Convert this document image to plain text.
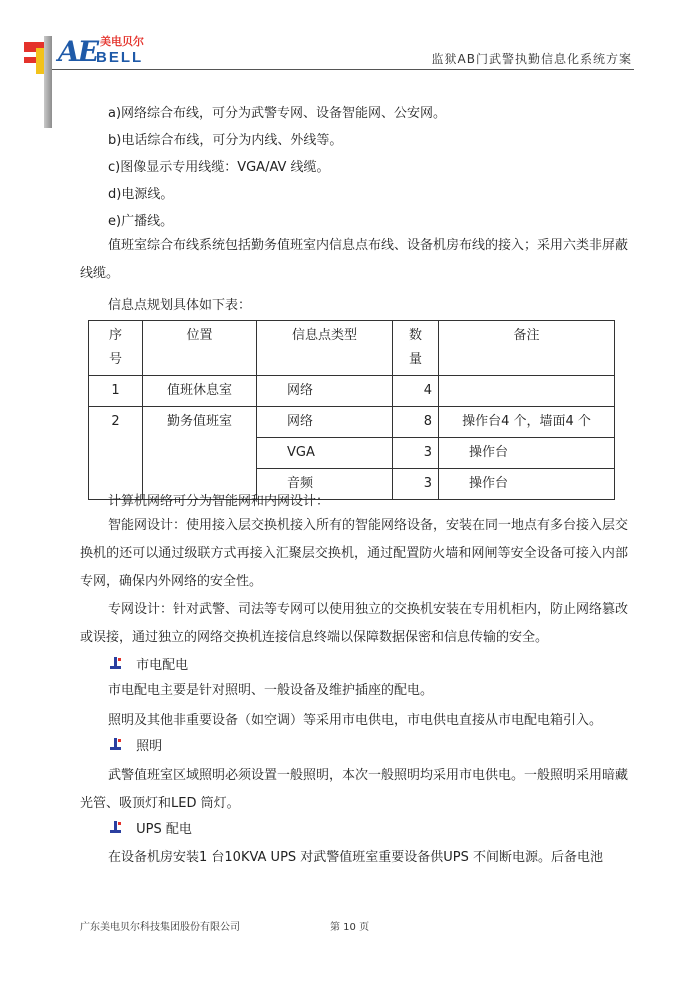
AE 美电贝尔
BELL	监狱AB门武警执勤信息化系统方案
a)网络综合布线，可分为武警专网、设备智能网、公安网。
b)电话综合布线，可分为内线、外线等。
c)图像显示专用线缆：VGA/AV 线缆。
d)电源线。
e)广播线。
值班室综合布线系统包括勤务值班室内信息点布线、设备机房布线的接入；采用六类非屏蔽线缆。
信息点规划具体如下表：
序号	位置	信息点类型	数量	备注
1	值班休息室	网络	4	
2	勤务值班室	网络	8	操作台4 个，墙面4 个
		VGA	3	操作台
		音频	3	操作台
计算机网络可分为智能网和内网设计：
智能网设计：使用接入层交换机接入所有的智能网络设备，安装在同一地点有多台接入层交换机的还可以通过级联方式再接入汇聚层交换机，通过配置防火墙和网闸等安全设备可接入内部专网，确保内外网络的安全性。
专网设计：针对武警、司法等专网可以使用独立的交换机安装在专用机柜内，防止网络篡改或误接，通过独立的网络交换机连接信息终端以保障数据保密和信息传输的安全。
市电配电
市电配电主要是针对照明、一般设备及维护插座的配电。
照明及其他非重要设备（如空调）等采用市电供电，市电供电直接从市电配电箱引入。
照明
武警值班室区域照明必须设置一般照明，本次一般照明均采用市电供电。一般照明采用暗藏光管、吸顶灯和LED 筒灯。
UPS 配电
在设备机房安装1 台10KVA UPS 对武警值班室重要设备供UPS 不间断电源。后备电池
广东美电贝尔科技集团股份有限公司	第 10 页
